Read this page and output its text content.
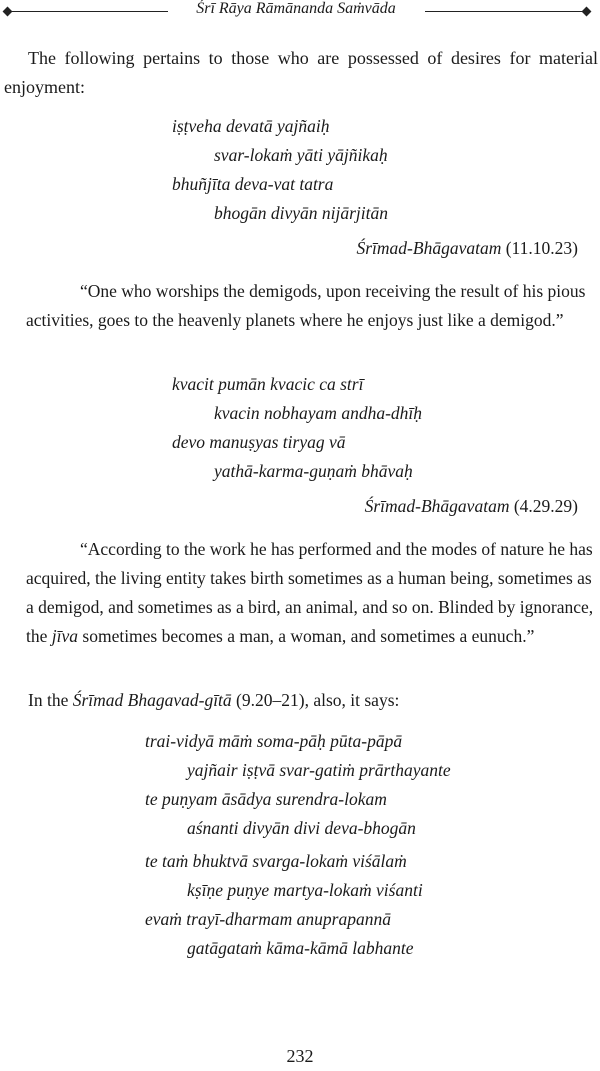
Śrī Rāya Rāmānanda Saṁvāda

The following pertains to those who are possessed of desires for material enjoyment:

iṣṭveha devatā yajñaiḥ
svar-lokaṁ yāti yājñikaḥ
bhuñjīta deva-vat tatra
bhogān divyān nijārjitān
Śrīmad-Bhāgavatam (11.10.23)

“One who worships the demigods, upon receiving the result of his pious activities, goes to the heavenly planets where he enjoys just like a demigod.”

kvacit pumān kvacic ca strī
kvacin nobhayam andha-dhīḥ
devo manuṣyas tiryag vā
yathā-karma-guṇaṁ bhāvaḥ
Śrīmad-Bhāgavatam (4.29.29)

“According to the work he has performed and the modes of nature he has acquired, the living entity takes birth sometimes as a human being, sometimes as a demigod, and sometimes as a bird, an animal, and so on. Blinded by ignorance, the jīva sometimes becomes a man, a woman, and sometimes a eunuch.”

In the Śrīmad Bhagavad-gītā (9.20–21), also, it says:

trai-vidyā māṁ soma-pāḥ pūta-pāpā
yajñair iṣṭvā svar-gatiṁ prārthayante
te puṇyam āsādya surendra-lokam
aśnanti divyān divi deva-bhogān
te taṁ bhuktvā svarga-lokaṁ viśālaṁ
kṣīṇe puṇye martya-lokaṁ viśanti
evaṁ trayī-dharmam anuprapannā
gatāgataṁ kāma-kāmā labhante
232
